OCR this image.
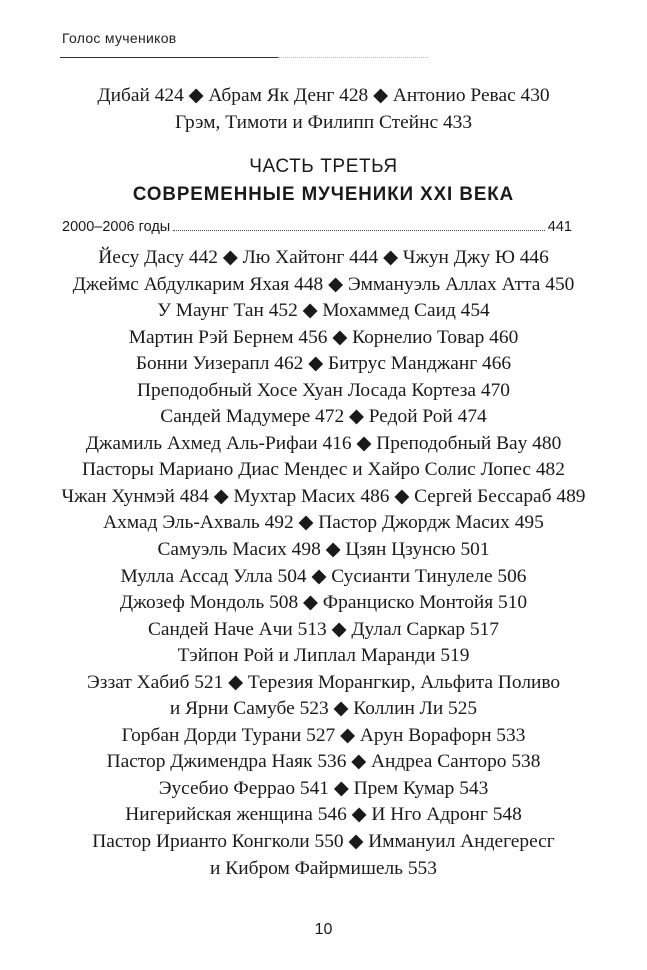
Голос мучеников
Дибай 424 ◆ Абрам Як Денг 428 ◆ Антонио Ревас 430
Грэм, Тимоти и Филипп Стейнс 433
ЧАСТЬ ТРЕТЬЯ
СОВРЕМЕННЫЕ МУЧЕНИКИ XXI ВЕКА
2000–2006 годы	441
Йесу Дасу 442 ◆ Лю Хайтонг 444 ◆ Чжун Джу Ю 446
Джеймс Абдулкарим Яхая 448 ◆ Эммануэль Аллах Атта 450
У Маунг Тан 452 ◆ Мохаммед Саид 454
Мартин Рэй Бернем 456 ◆ Корнелио Товар 460
Бонни Уизерапл 462 ◆ Битрус Манджанг 466
Преподобный Хосе Хуан Лосада Кортеза 470
Сандей Мадумере 472 ◆ Редой Рой 474
Джамиль Ахмед Аль-Рифаи 416 ◆ Преподобный Ваy 480
Пасторы Мариано Диас Мендес и Хайро Солис Лопес 482
Чжан Хунмэй 484 ◆ Мухтар Масих 486 ◆ Сергей Бессараб 489
Ахмад Эль-Ахваль 492 ◆ Пастор Джордж Масих 495
Самуэль Масих 498 ◆ Цзян Цзунсю 501
Мулла Ассад Улла 504 ◆ Сусианти Тинулеле 506
Джозеф Мондоль 508 ◆ Франциско Монтойя 510
Сандей Наче Ачи 513 ◆ Дулал Саркар 517
Тэйпон Рой и Липлал Маранди 519
Эззат Хабиб 521 ◆ Терезия Морангкир, Альфита Поливо
и Ярни Самубе 523 ◆ Коллин Ли 525
Горбан Дорди Турани 527 ◆ Арун Ворафорн 533
Пастор Джимендра Наяк 536 ◆ Андреа Санторо 538
Эусебио Феррао 541 ◆ Прем Кумар 543
Нигерийская женщина 546 ◆ И Нго Адронг 548
Пастор Ирианто Конгколи 550 ◆ Иммануил Андегересг
и Кибром Файрмишель 553
10
